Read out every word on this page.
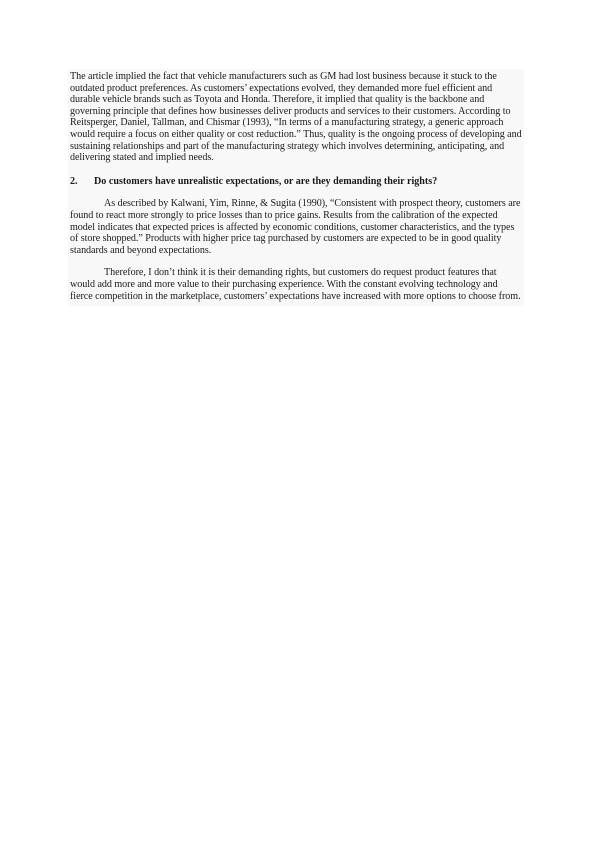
The article implied the fact that vehicle manufacturers such as GM had lost business because it stuck to the outdated product preferences. As customers’ expectations evolved, they demanded more fuel efficient and durable vehicle brands such as Toyota and Honda. Therefore, it implied that quality is the backbone and governing principle that defines how businesses deliver products and services to their customers. According to Reitsperger, Daniel, Tallman, and Chismar (1993), “In terms of a manufacturing strategy, a generic approach would require a focus on either quality or cost reduction.” Thus, quality is the ongoing process of developing and sustaining relationships and part of the manufacturing strategy which involves determining, anticipating, and delivering stated and implied needs.

2.	Do customers have unrealistic expectations, or are they demanding their rights?

As described by Kalwani, Yim, Rinne, & Sugita (1990), “Consistent with prospect theory, customers are found to react more strongly to price losses than to price gains. Results from the calibration of the expected model indicates that expected prices is affected by economic conditions, customer characteristics, and the types of store shopped.” Products with higher price tag purchased by customers are expected to be in good quality standards and beyond expectations.

Therefore, I don’t think it is their demanding rights, but customers do request product features that would add more and more value to their purchasing experience. With the constant evolving technology and fierce competition in the marketplace, customers’ expectations have increased with more options to choose from.
